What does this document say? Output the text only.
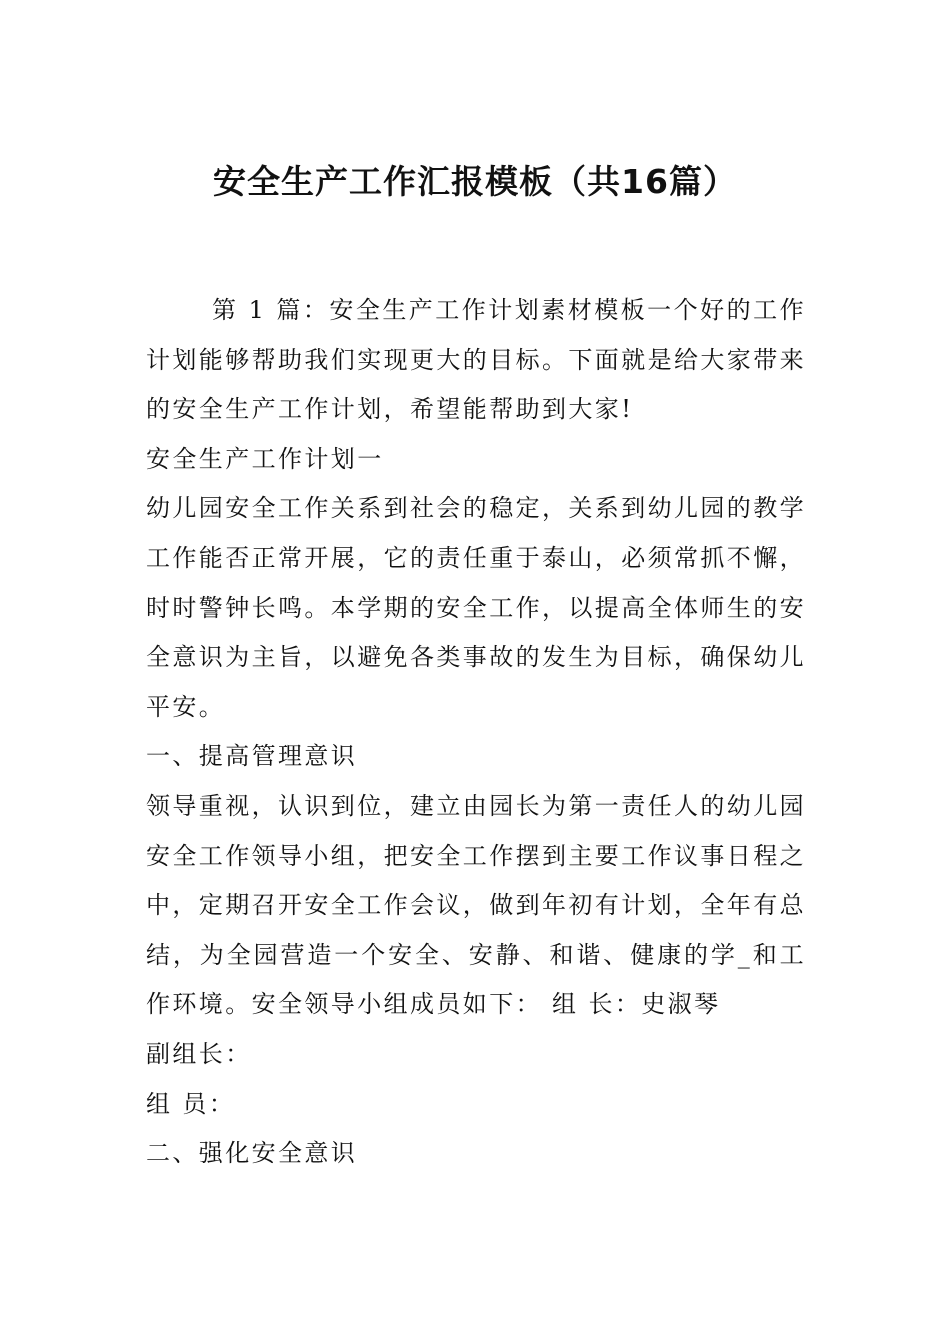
安全生产工作汇报模板（共16篇）

第 1 篇：安全生产工作计划素材模板一个好的工作计划能够帮助我们实现更大的目标。下面就是给大家带来的安全生产工作计划，希望能帮助到大家!

安全生产工作计划一

幼儿园安全工作关系到社会的稳定，关系到幼儿园的教学工作能否正常开展，它的责任重于泰山，必须常抓不懈，时时警钟长鸣。本学期的安全工作，以提高全体师生的安全意识为主旨，以避免各类事故的发生为目标，确保幼儿平安。

一、提高管理意识

领导重视，认识到位，建立由园长为第一责任人的幼儿园安全工作领导小组，把安全工作摆到主要工作议事日程之中，定期召开安全工作会议，做到年初有计划，全年有总结，为全园营造一个安全、安静、和谐、健康的学_和工作环境。安全领导小组成员如下： 组 长：史淑琴

副组长：

组 员：

二、强化安全意识
